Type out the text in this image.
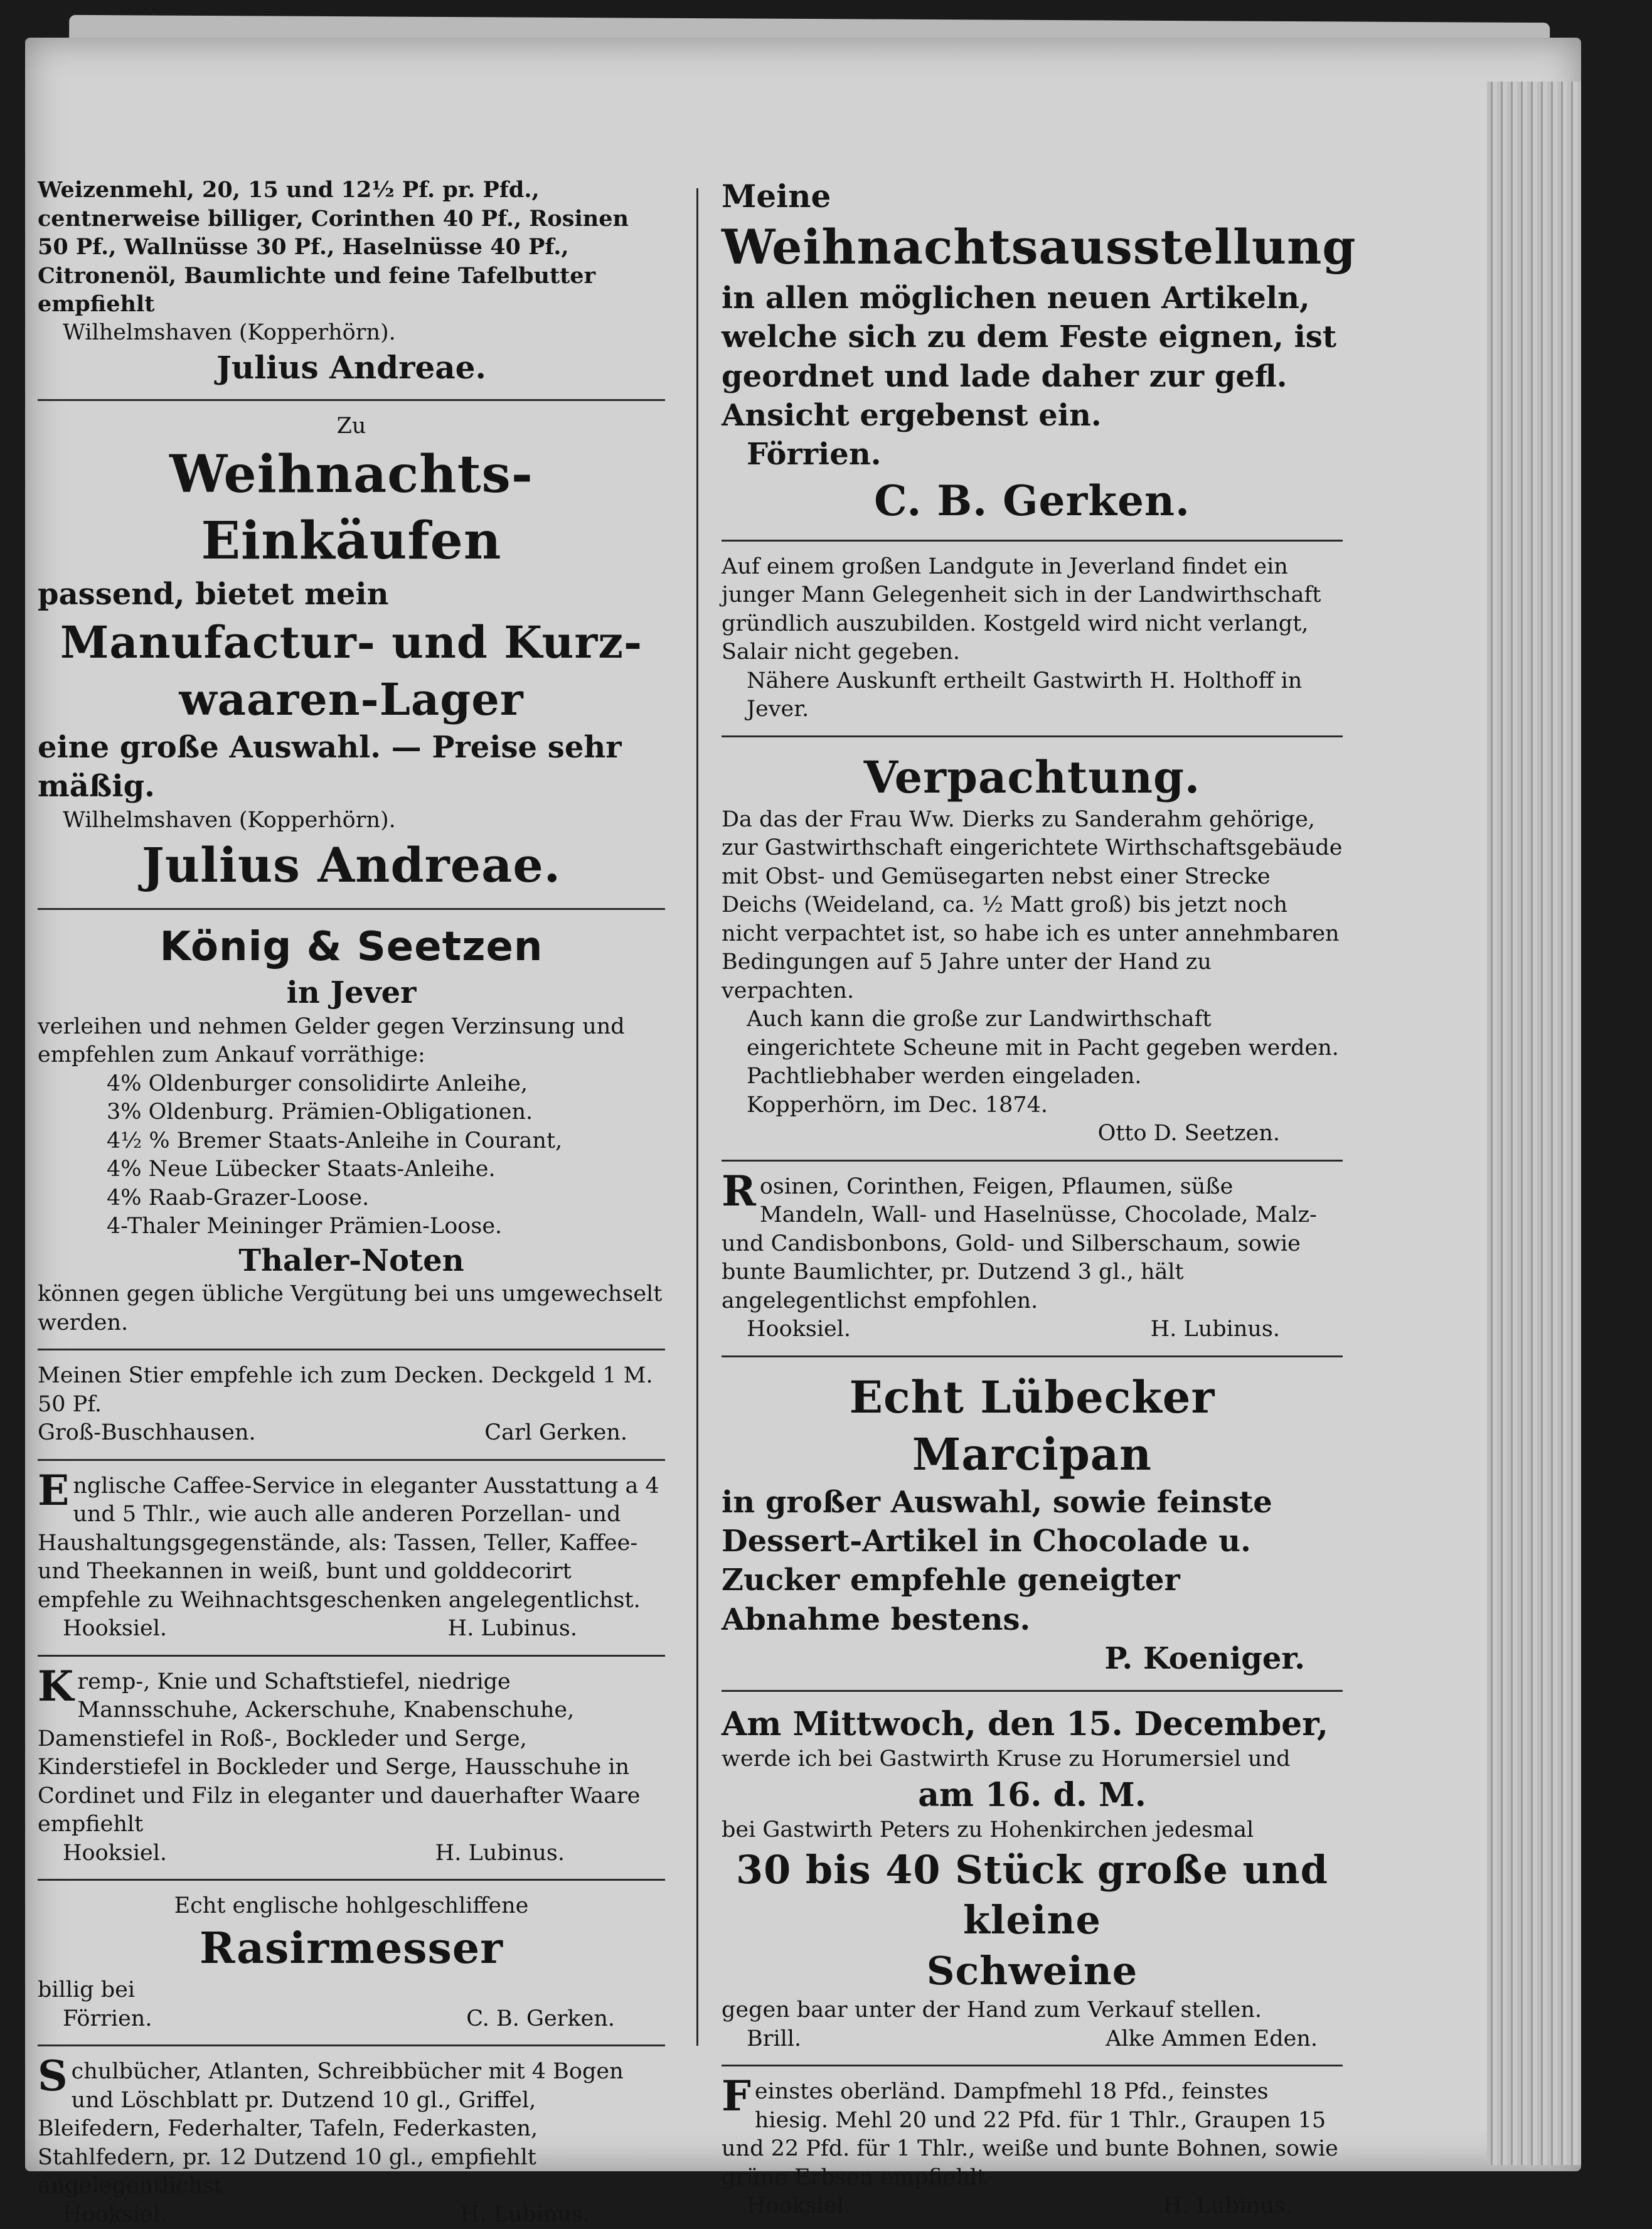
Weizenmehl, 20, 15 und 12½ Pf. pr. Pfd., centnerweise billiger, Corinthen 40 Pf., Rosinen 50 Pf., Wallnüsse 30 Pf., Haselnüsse 40 Pf., Citronenöl, Baumlichte und feine Tafelbutter empfiehlt
Wilhelmshaven (Kopperhörn).
Julius Andreae.
Zu
Weihnachts-Einkäufen
passend, bietet mein
Manufactur- und Kurz-
waaren-Lager
eine große Auswahl. — Preise sehr mäßig.
Wilhelmshaven (Kopperhörn).
Julius Andreae.
König & Seetzen
in Jever
verleihen und nehmen Gelder gegen Verzinsung und empfehlen zum Ankauf vorräthige:
4% Oldenburger consolidirte Anleihe,
3% Oldenburg. Prämien-Obligationen.
4½ % Bremer Staats-Anleihe in Courant,
4% Neue Lübecker Staats-Anleihe.
4% Raab-Grazer-Loose.
4-Thaler Meininger Prämien-Loose.
Thaler-Noten
können gegen übliche Vergütung bei uns umgewechselt werden.
Meinen Stier empfehle ich zum Decken. Deckgeld 1 M. 50 Pf.
Groß-Buschhausen.	Carl Gerken.
Englische Caffee-Service in eleganter Ausstattung a 4 und 5 Thlr., wie auch alle anderen Porzellan- und Haushaltungsgegenstände, als: Tassen, Teller, Kaffee- und Theekannen in weiß, bunt und golddecorirt empfehle zu Weihnachtsgeschenken angelegentlichst.
Hooksiel.	H. Lubinus.
Kremp-, Knie und Schaftstiefel, niedrige Mannsschuhe, Ackerschuhe, Knabenschuhe, Damenstiefel in Roß-, Bockleder und Serge, Kinderstiefel in Bockleder und Serge, Hausschuhe in Cordinet und Filz in eleganter und dauerhafter Waare empfiehlt
Hooksiel.	H. Lubinus.
Echt englische hohlgeschliffene
Rasirmesser
billig bei
Förrien.	C. B. Gerken.
Schulbücher, Atlanten, Schreibbücher mit 4 Bogen und Löschblatt pr. Dutzend 10 gl., Griffel, Bleifedern, Federhalter, Tafeln, Federkasten, Stahlfedern, pr. 12 Dutzend 10 gl., empfiehlt angelegentlichst
Hooksiel.	H. Lubinus.
Meine
Weihnachtsausstellung
in allen möglichen neuen Artikeln, welche sich zu dem Feste eignen, ist geordnet und lade daher zur gefl. Ansicht ergebenst ein.
Förrien.
C. B. Gerken.
Auf einem großen Landgute in Jeverland findet ein junger Mann Gelegenheit sich in der Landwirthschaft gründlich auszubilden. Kostgeld wird nicht verlangt, Salair nicht gegeben.
Nähere Auskunft ertheilt Gastwirth H. Holthoff in Jever.
Verpachtung.
Da das der Frau Ww. Dierks zu Sanderahm gehörige, zur Gastwirthschaft eingerichtete Wirthschaftsgebäude mit Obst- und Gemüsegarten nebst einer Strecke Deichs (Weideland, ca. ½ Matt groß) bis jetzt noch nicht verpachtet ist, so habe ich es unter annehmbaren Bedingungen auf 5 Jahre unter der Hand zu verpachten.
Auch kann die große zur Landwirthschaft eingerichtete Scheune mit in Pacht gegeben werden.
Pachtliebhaber werden eingeladen.
Kopperhörn, im Dec. 1874.
Otto D. Seetzen.
Rosinen, Corinthen, Feigen, Pflaumen, süße Mandeln, Wall- und Haselnüsse, Chocolade, Malz- und Candisbonbons, Gold- und Silberschaum, sowie bunte Baumlichter, pr. Dutzend 3 gl., hält angelegentlichst empfohlen.
Hooksiel.	H. Lubinus.
Echt Lübecker Marcipan
in großer Auswahl, sowie feinste Dessert-Artikel in Chocolade u. Zucker empfehle geneigter Abnahme bestens.
P. Koeniger.
Am Mittwoch, den 15. December,
werde ich bei Gastwirth Kruse zu Horumersiel und
am 16. d. M.
bei Gastwirth Peters zu Hohenkirchen jedesmal
30 bis 40 Stück große und kleine
Schweine
gegen baar unter der Hand zum Verkauf stellen.
Brill.	Alke Ammen Eden.
Feinstes oberländ. Dampfmehl 18 Pfd., feinstes hiesig. Mehl 20 und 22 Pfd. für 1 Thlr., Graupen 15 und 22 Pfd. für 1 Thlr., weiße und bunte Bohnen, sowie grüne Erbsen empfiehlt
Hooksiel.	H. Lubinus.
